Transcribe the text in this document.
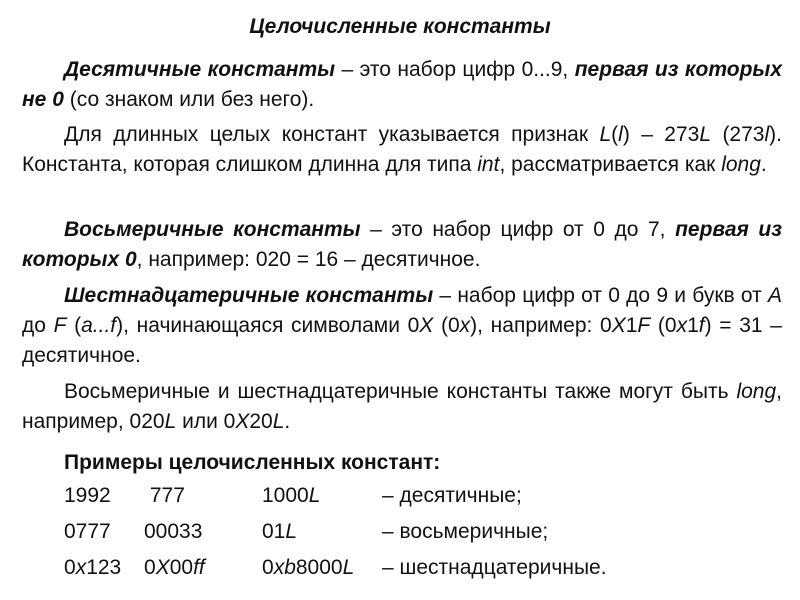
Целочисленные константы

Десятичные константы – это набор цифр 0...9, первая из которых не 0 (со знаком или без него).

Для длинных целых констант указывается признак L(l) – 273L (273l). Константа, которая слишком длинна для типа int, рассматривается как long.

Восьмеричные константы – это набор цифр от 0 до 7, первая из которых 0, например: 020 = 16 – десятичное.

Шестнадцатеричные константы – набор цифр от 0 до 9 и букв от A до F (a...f), начинающаяся символами 0X (0x), например: 0X1F (0x1f) = 31 – десятичное.

Восьмеричные и шестнадцатеричные константы также могут быть long, например, 020L или 0X20L.

Примеры целочисленных констант:
1992 777	1000L	– десятичные;
0777 00033	01L	– восьмеричные;
0x123 0X00ff	0xb8000L – шестнадцатеричные.
